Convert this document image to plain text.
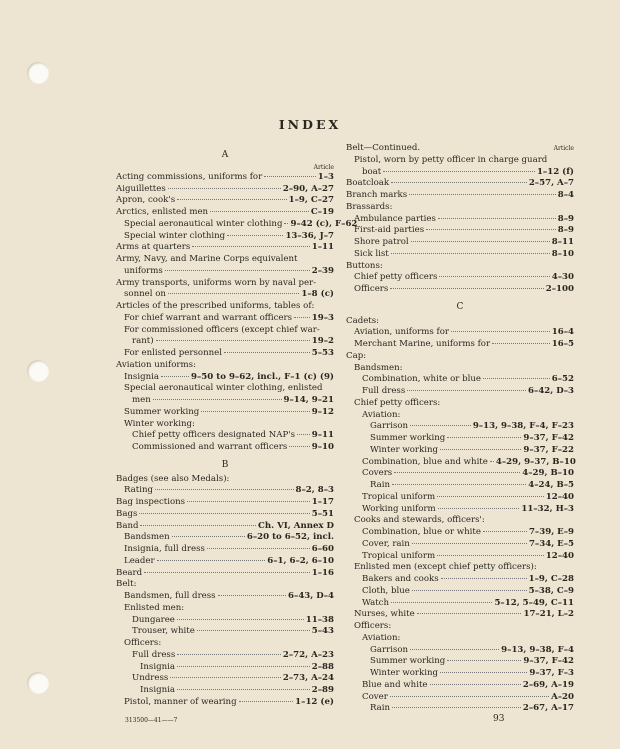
INDEX
A
Article
Acting commissions, uniforms for	1–3
Aiguillettes	2–90, A–27
Apron, cook's	1–9, C–27
Arctics, enlisted men	C–19
Special aeronautical winter clothing 9–42 (c), F–62
Special winter clothing	13–36, J–7
Arms at quarters	1–11
Army, Navy, and Marine Corps equivalent
uniforms	2–39
Army transports, uniforms worn by naval per-
sonnel on	1–8 (c)
Articles of the prescribed uniforms, tables of:
For chief warrant and warrant officers 19–3
For commissioned officers (except chief war-
rant)	19–2
For enlisted personnel	5–53
Aviation uniforms:
Insignia	9–50 to 9–62, incl., F–1 (c) (9)
Special aeronautical winter clothing, enlisted
men	9–14, 9–21
Summer working	9–12
Winter working:
Chief petty officers designated NAP's 9–11
Commissioned and warrant officers	9–10
B
Badges (see also Medals):
Rating	8–2, 8–3
Bag inspections	1–17
Bags	5–51
Band	Ch. VI, Annex D
Bandsmen	6–20 to 6–52, incl.
Insignia, full dress	6–60
Leader	6–1, 6–2, 6–10
Beard	1–16
Belt:
Bandsmen, full dress	6–43, D–4
Enlisted men:
Dungaree	11–38
Trouser, white	5–43
Officers:
Full dress	2–72, A–23
Insignia	2–88
Undress	2–73, A–24
Insignia	2–89
Pistol, manner of wearing	1–12 (e)
Belt—Continued.	Article
Pistol, worn by petty officer in charge guard
boat	1–12 (f)
Boatcloak	2–57, A–7
Branch marks	8–4
Brassards:
Ambulance parties	8–9
First-aid parties	8–9
Shore patrol	8–11
Sick list	8–10
Buttons:
Chief petty officers	4–30
Officers	2–100
C
Cadets:
Aviation, uniforms for	16–4
Merchant Marine, uniforms for	16–5
Cap:
Bandsmen:
Combination, white or blue	6–52
Full dress	6–42, D–3
Chief petty officers:
Aviation:
Garrison	9–13, 9–38, F–4, F–23
Summer working	9–37, F–42
Winter working	9–37, F–22
Combination, blue and white 4–29, 9–37, B–10
Covers	4–29, B–10
Rain	4–24, B–5
Tropical uniform	12–40
Working uniform	11–32, H–3
Cooks and stewards, officers':
Combination, blue or white	7–39, E–9
Cover, rain	7–34, E–5
Tropical uniform	12–40
Enlisted men (except chief petty officers):
Bakers and cooks	1–9, C–28
Cloth, blue	5–38, C–9
Watch	5–12, 5–49, C–11
Nurses, white	17–21, L–2
Officers:
Aviation:
Garrison	9–13, 9–38, F–4
Summer working	9–37, F–42
Winter working	9–37, F–3
Blue and white	2–69, A–19
Cover	A–20
Rain	2–67, A–17
313500—41——7	93
